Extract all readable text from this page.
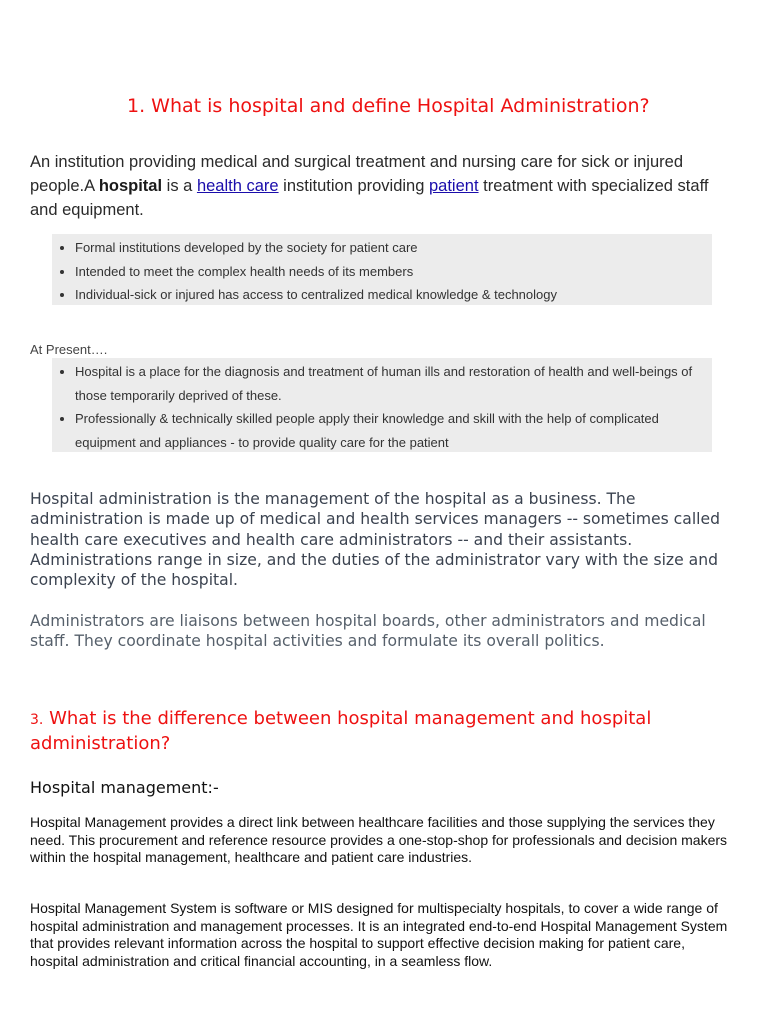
1. What is hospital and define Hospital Administration?
An institution providing medical and surgical treatment and nursing care for sick or injured people.A hospital is a health care institution providing patient treatment with specialized staff and equipment.
• Formal institutions developed by the society for patient care
• Intended to meet the complex health needs of its members
• Individual-sick or injured has access to centralized medical knowledge & technology
At Present….
• Hospital is a place for the diagnosis and treatment of human ills and restoration of health and well-beings of those temporarily deprived of these.
• Professionally & technically skilled people apply their knowledge and skill with the help of complicated equipment and appliances - to provide quality care for the patient
Hospital administration is the management of the hospital as a business. The administration is made up of medical and health services managers -- sometimes called health care executives and health care administrators -- and their assistants. Administrations range in size, and the duties of the administrator vary with the size and complexity of the hospital.
Administrators are liaisons between hospital boards, other administrators and medical staff. They coordinate hospital activities and formulate its overall politics.
3. What is the difference between hospital management and hospital administration?
Hospital management:-
Hospital Management provides a direct link between healthcare facilities and those supplying the services they need. This procurement and reference resource provides a one-stop-shop for professionals and decision makers within the hospital management, healthcare and patient care industries.
Hospital Management System is software or MIS designed for multispecialty hospitals, to cover a wide range of hospital administration and management processes. It is an integrated end-to-end Hospital Management System that provides relevant information across the hospital to support effective decision making for patient care, hospital administration and critical financial accounting, in a seamless flow.
